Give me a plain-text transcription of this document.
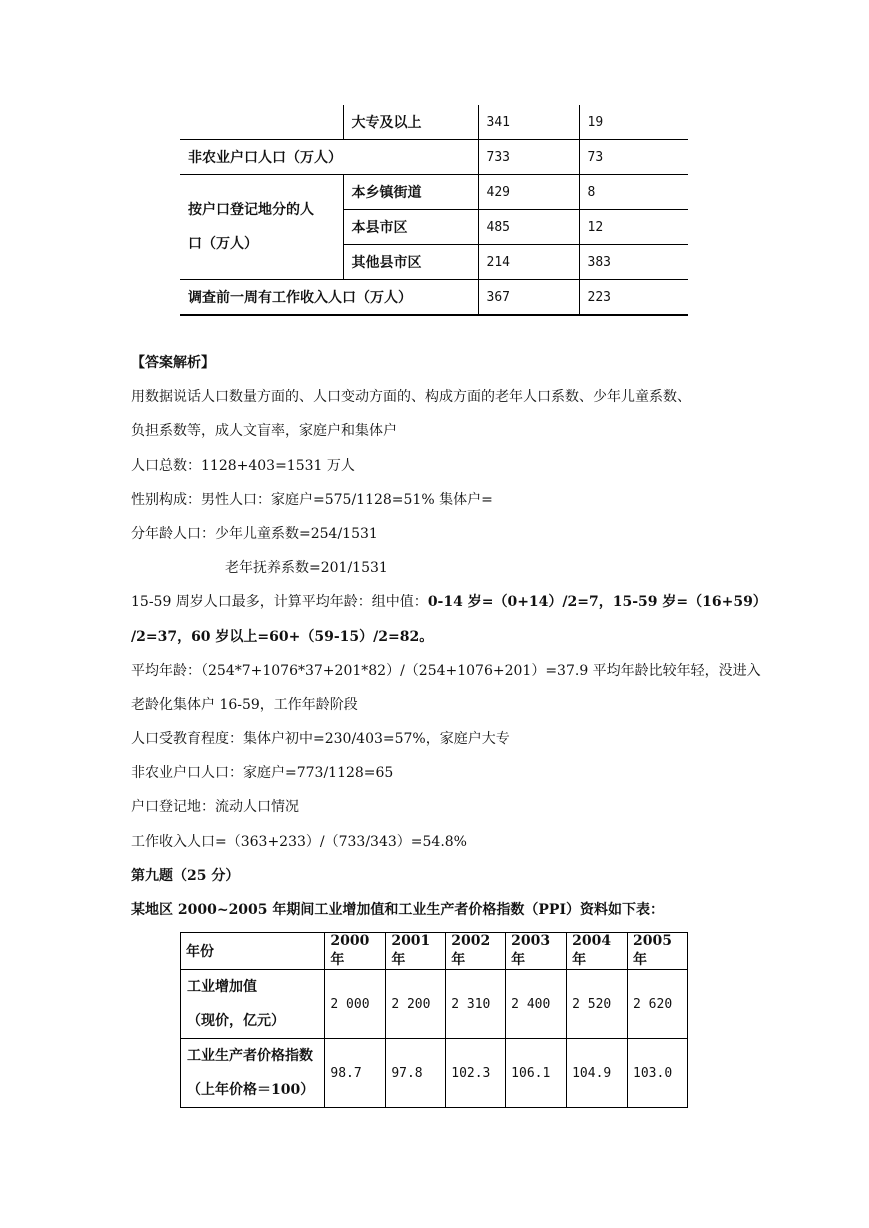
	大专及以上	341	19
非农业户口人口（万人）		733	73

按户口登记地分的人
口（万人）	本乡镇街道	429	8
	本县市区	485	12
	其他县市区	214	383
调查前一周有工作收入人口（万人）		367	223

【答案解析】

用数据说话人口数量方面的、人口变动方面的、构成方面的老年人口系数、少年儿童系数、

负担系数等，成人文盲率，家庭户和集体户

人口总数：1128+403=1531 万人

性别构成：男性人口：家庭户=575/1128=51% 集体户=

分年龄人口：少年儿童系数=254/1531

老年抚养系数=201/1531

15-59 周岁人口最多，计算平均年龄：组中值：0-14 岁=（0+14）/2=7，15-59 岁=（16+59）

/2=37，60 岁以上=60+（59-15）/2=82。

平均年龄：（254*7+1076*37+201*82）/（254+1076+201）=37.9 平均年龄比较年轻，没进入

老龄化集体户 16-59，工作年龄阶段

人口受教育程度：集体户初中=230/403=57%，家庭户大专

非农业户口人口：家庭户=773/1128=65

户口登记地：流动人口情况

工作收入人口=（363+233）/（733/343）=54.8%

第九题（25 分）

某地区 2000~2005 年期间工业增加值和工业生产者价格指数（PPI）资料如下表：

年份	2000 年	2001 年	2002 年	2003 年	2004 年	2005 年

工业增加值
（现价，亿元）	2 000	2 200	2 310	2 400	2 520	2 620

工业生产者价格指数
（上年价格＝100）	98.7	97.8	102.3	106.1	104.9	103.0
